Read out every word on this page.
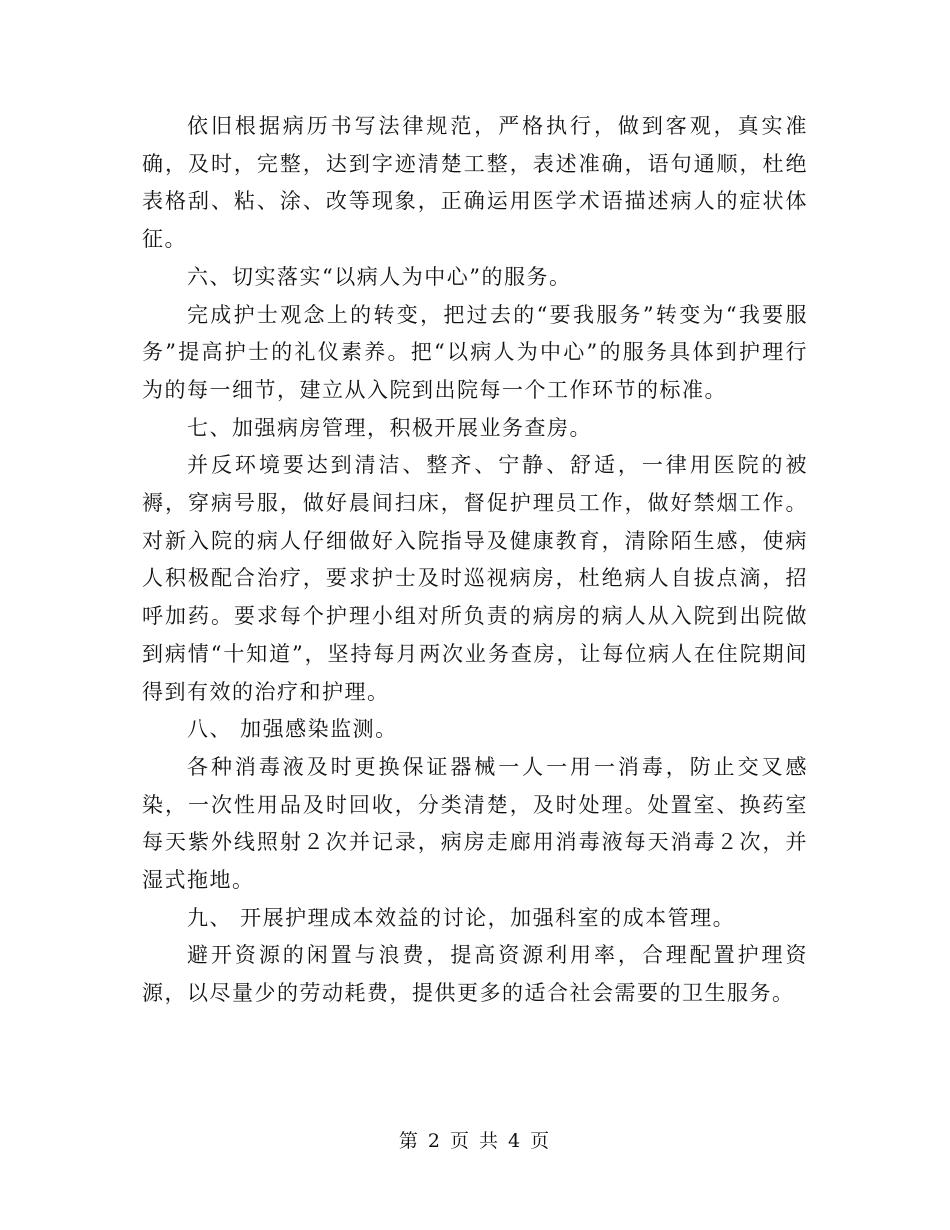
依旧根据病历书写法律规范，严格执行，做到客观，真实准确，及时，完整，达到字迹清楚工整，表述准确，语句通顺，杜绝表格刮、粘、涂、改等现象，正确运用医学术语描述病人的症状体征。

六、切实落实“以病人为中心”的服务。

完成护士观念上的转变，把过去的“要我服务”转变为“我要服务”提高护士的礼仪素养。把“以病人为中心”的服务具体到护理行为的每一细节，建立从入院到出院每一个工作环节的标准。

七、加强病房管理，积极开展业务查房。

并反环境要达到清洁、整齐、宁静、舒适，一律用医院的被褥，穿病号服，做好晨间扫床，督促护理员工作，做好禁烟工作。对新入院的病人仔细做好入院指导及健康教育，清除陌生感，使病人积极配合治疗，要求护士及时巡视病房，杜绝病人自拔点滴，招呼加药。要求每个护理小组对所负责的病房的病人从入院到出院做到病情“十知道”，坚持每月两次业务查房，让每位病人在住院期间得到有效的治疗和护理。

八、 加强感染监测。

各种消毒液及时更换保证器械一人一用一消毒，防止交叉感染，一次性用品及时回收，分类清楚，及时处理。处置室、换药室每天紫外线照射２次并记录，病房走廊用消毒液每天消毒２次，并湿式拖地。

九、 开展护理成本效益的讨论，加强科室的成本管理。

避开资源的闲置与浪费，提高资源利用率，合理配置护理资源，以尽量少的劳动耗费，提供更多的适合社会需要的卫生服务。

第 2 页 共 4 页
